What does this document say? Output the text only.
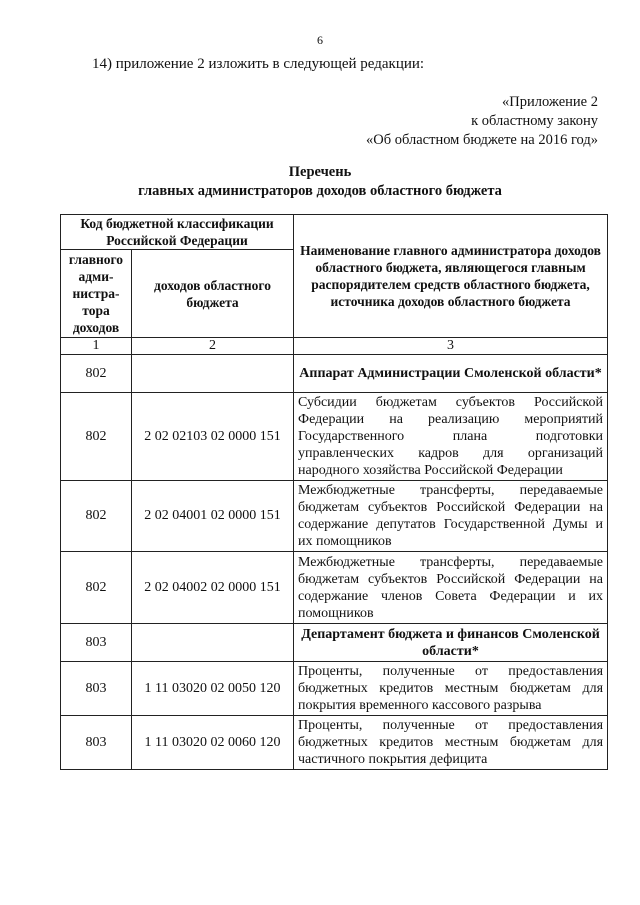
6
14) приложение 2 изложить в следующей редакции:
«Приложение 2
к областному закону
«Об областном бюджете на 2016 год»
Перечень
главных администраторов доходов областного бюджета
Код бюджетной классификации Российской Федерации		Наименование главного администратора доходов областного бюджета, являющегося главным распорядителем средств областного бюджета, источника доходов областного бюджета
главного адми-нистра-тора доходов	доходов областного бюджета	
1	2	3
802		Аппарат Администрации Смоленской области*
802	2 02 02103 02 0000 151	Субсидии бюджетам субъектов Российской Федерации на реализацию мероприятий Государственного плана подготовки управленческих кадров для организаций народного хозяйства Российской Федерации
802	2 02 04001 02 0000 151	Межбюджетные трансферты, передаваемые бюджетам субъектов Российской Федерации на содержание депутатов Государственной Думы и их помощников
802	2 02 04002 02 0000 151	Межбюджетные трансферты, передаваемые бюджетам субъектов Российской Федерации на содержание членов Совета Федерации и их помощников
803		Департамент бюджета и финансов Смоленской области*
803	1 11 03020 02 0050 120	Проценты, полученные от предоставления бюджетных кредитов местным бюджетам для покрытия временного кассового разрыва
803	1 11 03020 02 0060 120	Проценты, полученные от предоставления бюджетных кредитов местным бюджетам для частичного покрытия дефицита
